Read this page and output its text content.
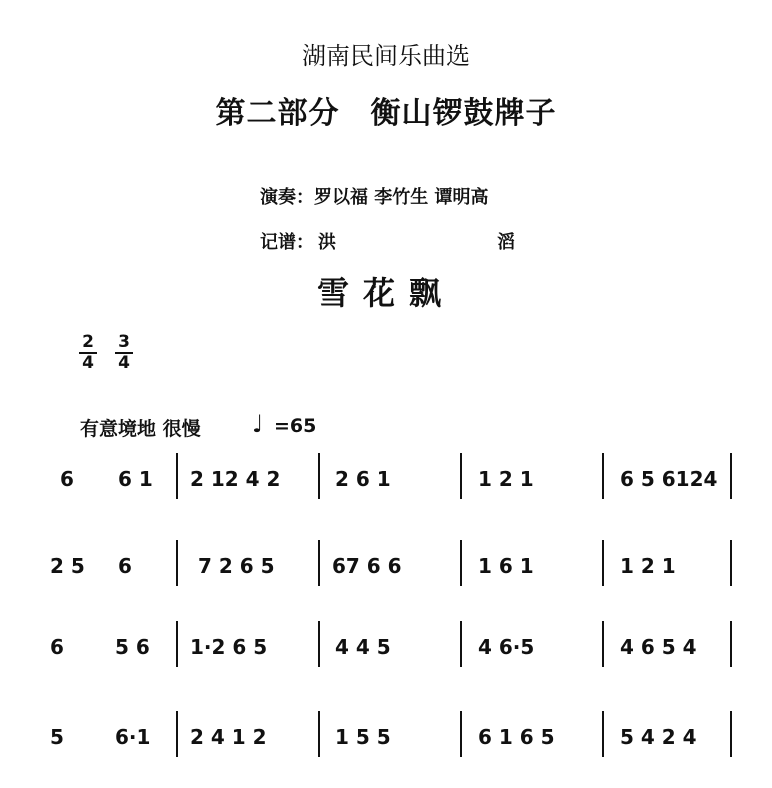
湖南民间乐曲选
第二部分　衡山锣鼓牌子
演奏：罗以福 李竹生 谭明高
记谱： 洪	滔
雪花飘
2
4
3
4
有意境地 很慢 ♩ =65
6 6 1 2 12 4 2	2 6 1	1 2 1	6 5 6124
2 5 6	7 2 6 5	67 6 6	1 6 1	1 2 1
6	5 6 1·2 6 5	4 4 5	4 6·5	4 6 5 4
5	6·1 2 4 1 2	1 5 5	6 1 6 5	5 4 2 4
